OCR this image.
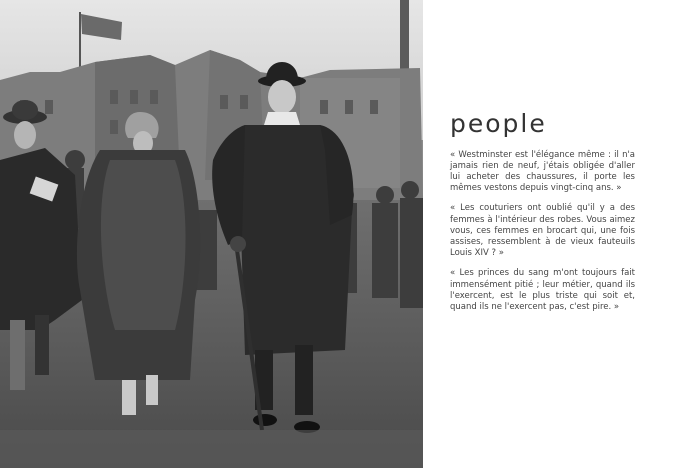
people

« Westminster est l'élégance même : il n'a jamais rien de neuf, j'étais obligée d'aller lui acheter des chaussures, il porte les mêmes vestons depuis vingt-cinq ans. »

« Les couturiers ont oublié qu'il y a des femmes à l'intérieur des robes. Vous aimez vous, ces femmes en brocart qui, une fois assises, ressemblent à de vieux fauteuils Louis XIV ? »

« Les princes du sang m'ont toujours fait immensément pitié ; leur métier, quand ils l'exercent, est le plus triste qui soit et, quand ils ne l'exercent pas, c'est pire. »
